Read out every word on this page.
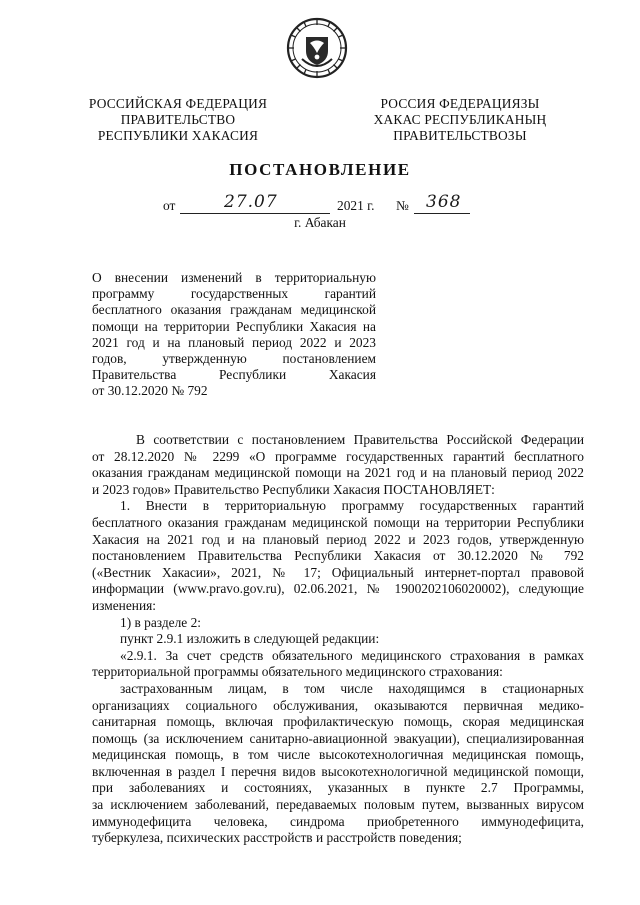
РОССИЙСКАЯ ФЕДЕРАЦИЯ
ПРАВИТЕЛЬСТВО
РЕСПУБЛИКИ ХАКАСИЯ
РОССИЯ ФЕДЕРАЦИЯЗЫ
ХАКАС РЕСПУБЛИКАНЫҢ
ПРАВИТЕЛЬСТВОЗЫ
ПОСТАНОВЛЕНИЕ
от	27.07	2021 г. № 368
г. Абакан
О внесении изменений в территориальную
программу государственных гарантий
бесплатного оказания гражданам медицинской
помощи на территории Республики Хакасия на
2021 год и на плановый период 2022 и 2023
годов, утвержденную постановлением
Правительства Республики Хакасия
от 30.12.2020 № 792
В соответствии с постановлением Правительства Российской Федерации
от 28.12.2020 № 2299 «О программе государственных гарантий бесплатного
оказания гражданам медицинской помощи на 2021 год и на плановый период 2022
и 2023 годов» Правительство Республики Хакасия ПОСТАНОВЛЯЕТ:
1. Внести в территориальную программу государственных гарантий
бесплатного оказания гражданам медицинской помощи на территории Республики
Хакасия на 2021 год и на плановый период 2022 и 2023 годов, утвержденную
постановлением Правительства Республики Хакасия от 30.12.2020 № 792
(«Вестник Хакасии», 2021, № 17; Официальный интернет-портал правовой
информации (www.pravo.gov.ru), 02.06.2021, № 1900202106020002), следующие
изменения:
1) в разделе 2:
пункт 2.9.1 изложить в следующей редакции:
«2.9.1. За счет средств обязательного медицинского страхования в рамках
территориальной программы обязательного медицинского страхования:
застрахованным лицам, в том числе находящимся в стационарных
организациях социального обслуживания, оказываются первичная медико-
санитарная помощь, включая профилактическую помощь, скорая медицинская
помощь (за исключением санитарно-авиационной эвакуации), специализированная
медицинская помощь, в том числе высокотехнологичная медицинская помощь,
включенная в раздел I перечня видов высокотехнологичной медицинской помощи,
при заболеваниях и состояниях, указанных в пункте 2.7 Программы,
за исключением заболеваний, передаваемых половым путем, вызванных вирусом
иммунодефицита человека, синдрома приобретенного иммунодефицита,
туберкулеза, психических расстройств и расстройств поведения;
